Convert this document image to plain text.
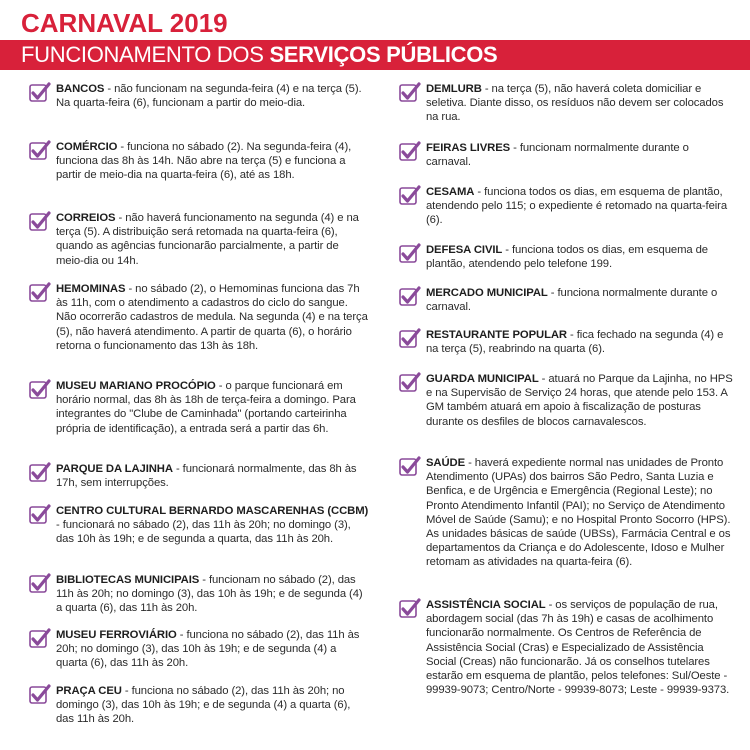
CARNAVAL 2019
FUNCIONAMENTO DOS SERVIÇOS PÚBLICOS
BANCOS - não funcionam na segunda-feira (4) e na terça (5). Na quarta-feira (6), funcionam a partir do meio-dia.
COMÉRCIO - funciona no sábado (2). Na segunda-feira (4), funciona das 8h às 14h. Não abre na terça (5) e funciona a partir de meio-dia na quarta-feira (6), até as 18h.
CORREIOS - não haverá funcionamento na segunda (4) e na terça (5). A distribuição será retomada na quarta-feira (6), quando as agências funcionarão parcialmente, a partir de meio-dia ou 14h.
HEMOMINAS - no sábado (2), o Hemominas funciona das 7h às 11h, com o atendimento a cadastros do ciclo do sangue. Não ocorrerão cadastros de medula. Na segunda (4) e na terça (5), não haverá atendimento. A partir de quarta (6), o horário retorna o funcionamento das 13h às 18h.
MUSEU MARIANO PROCÓPIO - o parque funcionará em horário normal, das 8h às 18h de terça-feira a domingo. Para integrantes do "Clube de Caminhada" (portando carteirinha própria de identificação), a entrada será a partir das 6h.
PARQUE DA LAJINHA - funcionará normalmente, das 8h às 17h, sem interrupções.
CENTRO CULTURAL BERNARDO MASCARENHAS (CCBM) - funcionará no sábado (2), das 11h às 20h; no domingo (3), das 10h às 19h; e de segunda a quarta, das 11h às 20h.
BIBLIOTECAS MUNICIPAIS - funcionam no sábado (2), das 11h às 20h; no domingo (3), das 10h às 19h; e de segunda (4) a quarta (6), das 11h às 20h.
MUSEU FERROVIÁRIO - funciona no sábado (2), das 11h às 20h; no domingo (3), das 10h às 19h; e de segunda (4) a quarta (6), das 11h às 20h.
PRAÇA CEU - funciona no sábado (2), das 11h às 20h; no domingo (3), das 10h às 19h; e de segunda (4) a quarta (6), das 11h às 20h.
DEMLURB - na terça (5), não haverá coleta domiciliar e seletiva. Diante disso, os resíduos não devem ser colocados na rua.
FEIRAS LIVRES - funcionam normalmente durante o carnaval.
CESAMA - funciona todos os dias, em esquema de plantão, atendendo pelo 115; o expediente é retomado na quarta-feira (6).
DEFESA CIVIL - funciona todos os dias, em esquema de plantão, atendendo pelo telefone 199.
MERCADO MUNICIPAL - funciona normalmente durante o carnaval.
RESTAURANTE POPULAR - fica fechado na segunda (4) e na terça (5), reabrindo na quarta (6).
GUARDA MUNICIPAL - atuará no Parque da Lajinha, no HPS e na Supervisão de Serviço 24 horas, que atende pelo 153. A GM também atuará em apoio à fiscalização de posturas durante os desfiles de blocos carnavalescos.
SAÚDE - haverá expediente normal nas unidades de Pronto Atendimento (UPAs) dos bairros São Pedro, Santa Luzia e Benfica, e de Urgência e Emergência (Regional Leste); no Pronto Atendimento Infantil (PAI); no Serviço de Atendimento Móvel de Saúde (Samu); e no Hospital Pronto Socorro (HPS). As unidades básicas de saúde (UBSs), Farmácia Central e os departamentos da Criança e do Adolescente, Idoso e Mulher retomam as atividades na quarta-feira (6).
ASSISTÊNCIA SOCIAL - os serviços de população de rua, abordagem social (das 7h às 19h) e casas de acolhimento funcionarão normalmente. Os Centros de Referência de Assistência Social (Cras) e Especializado de Assistência Social (Creas) não funcionarão. Já os conselhos tutelares estarão em esquema de plantão, pelos telefones: Sul/Oeste - 99939-9073; Centro/Norte - 99939-8073; Leste - 99939-9373.
